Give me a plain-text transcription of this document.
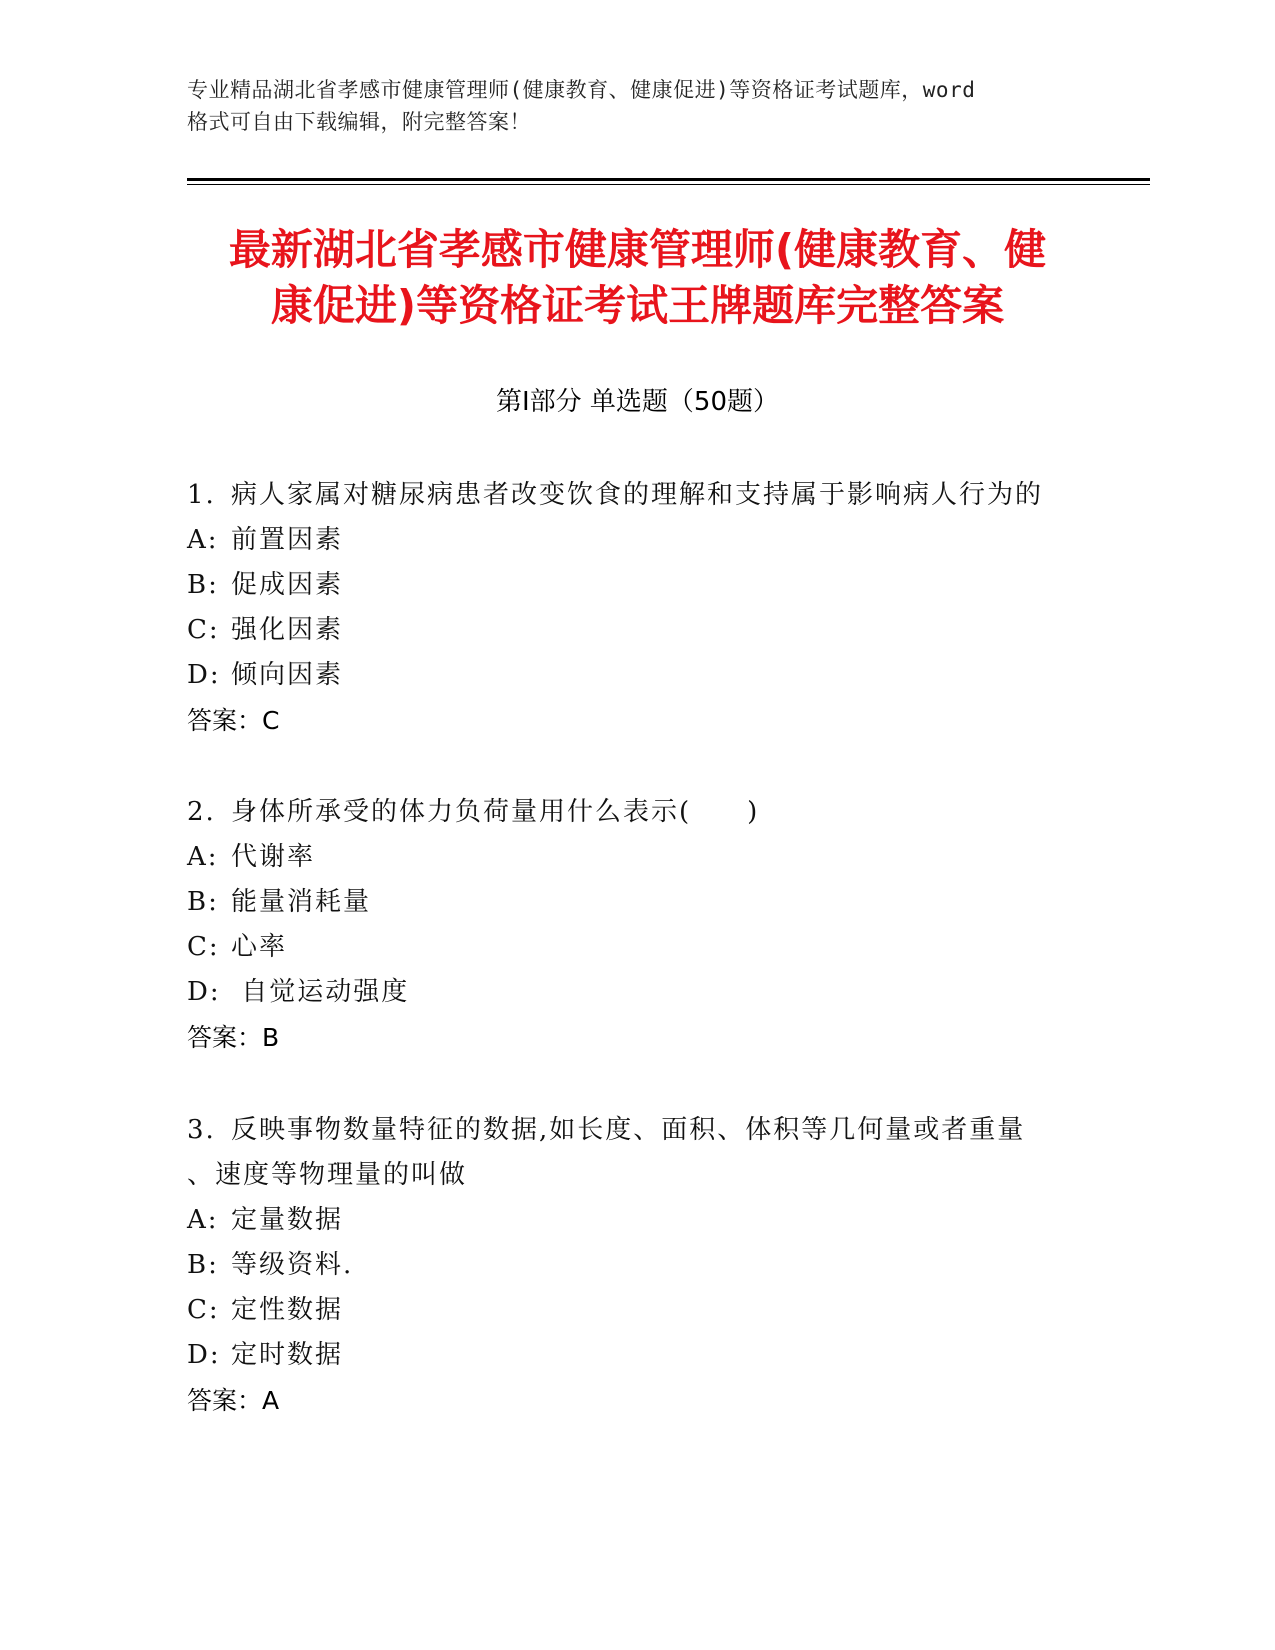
专业精品湖北省孝感市健康管理师(健康教育、健康促进)等资格证考试题库，word
格式可自由下载编辑，附完整答案！
最新湖北省孝感市健康管理师(健康教育、健
康促进)等资格证考试王牌题库完整答案
第Ⅰ部分 单选题（50题）
1. 病人家属对糖尿病患者改变饮食的理解和支持属于影响病人行为的
A: 前置因素
B: 促成因素
C: 强化因素
D: 倾向因素
答案：C
2. 身体所承受的体力负荷量用什么表示(　　)
A: 代谢率
B: 能量消耗量
C: 心率
D: 自觉运动强度
答案：B
3. 反映事物数量特征的数据,如长度、面积、体积等几何量或者重量
、速度等物理量的叫做
A: 定量数据
B: 等级资料.
C: 定性数据
D: 定时数据
答案：A
